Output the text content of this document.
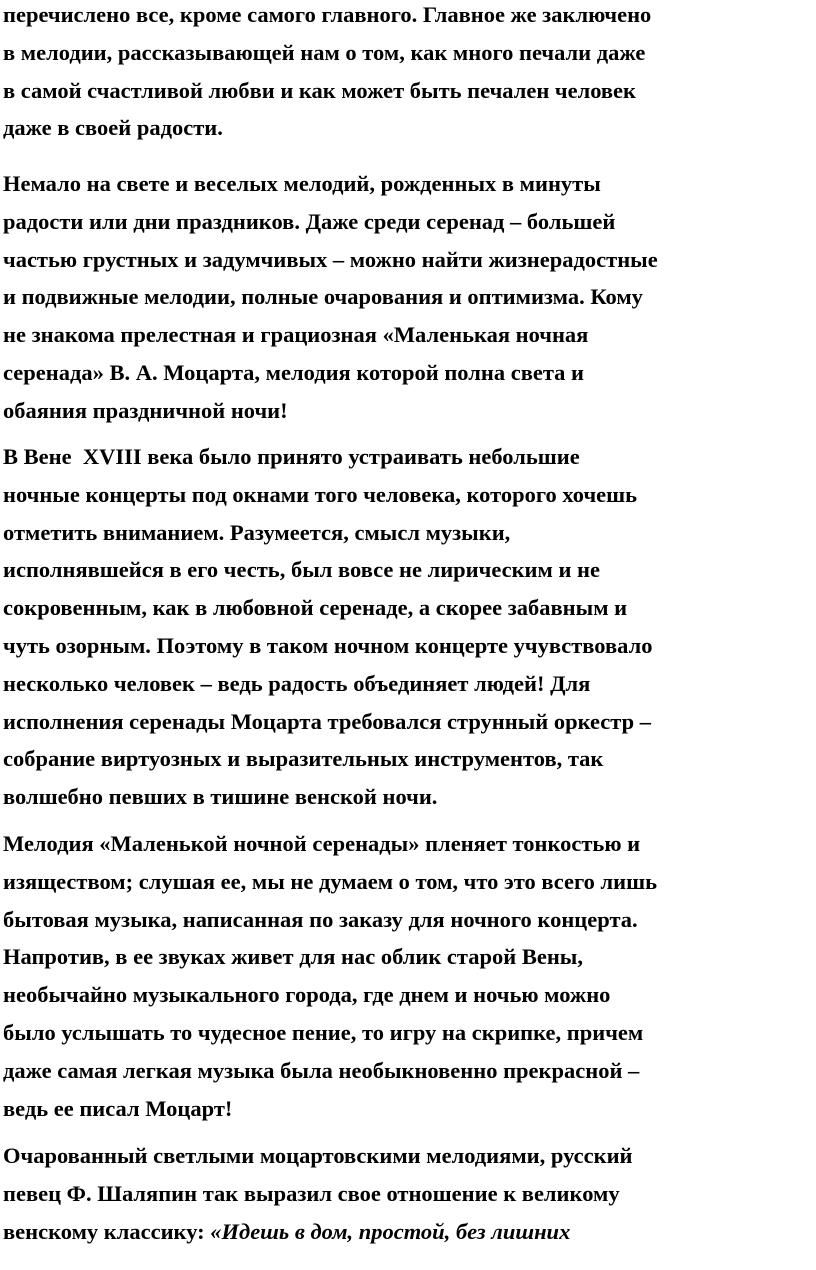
перечислено все, кроме самого главного. Главное же заключено
в мелодии, рассказывающей нам о том, как много печали даже
в самой счастливой любви и как может быть печален человек
даже в своей радости.
Немало на свете и веселых мелодий, рожденных в минуты
радости или дни праздников. Даже среди серенад – большей
частью грустных и задумчивых – можно найти жизнерадостные
и подвижные мелодии, полные очарования и оптимизма. Кому
не знакома прелестная и грациозная «Маленькая ночная
серенада» В. А. Моцарта, мелодия которой полна света и
обаяния праздничной ночи!
В Вене  XVIII века было принято устраивать небольшие
ночные концерты под окнами того человека, которого хочешь
отметить вниманием. Разумеется, смысл музыки,
исполнявшейся в его честь, был вовсе не лирическим и не
сокровенным, как в любовной серенаде, а скорее забавным и
чуть озорным. Поэтому в таком ночном концерте учувствовало
несколько человек – ведь радость объединяет людей! Для
исполнения серенады Моцарта требовался струнный оркестр –
собрание виртуозных и выразительных инструментов, так
волшебно певших в тишине венской ночи.
Мелодия «Маленькой ночной серенады» пленяет тонкостью и
изяществом; слушая ее, мы не думаем о том, что это всего лишь
бытовая музыка, написанная по заказу для ночного концерта.
Напротив, в ее звуках живет для нас облик старой Вены,
необычайно музыкального города, где днем и ночью можно
было услышать то чудесное пение, то игру на скрипке, причем
даже самая легкая музыка была необыкновенно прекрасной –
ведь ее писал Моцарт!
Очарованный светлыми моцартовскими мелодиями, русский
певец Ф. Шаляпин так выразил свое отношение к великому
венскому классику: «Идешь в дом, простой, без лишних
